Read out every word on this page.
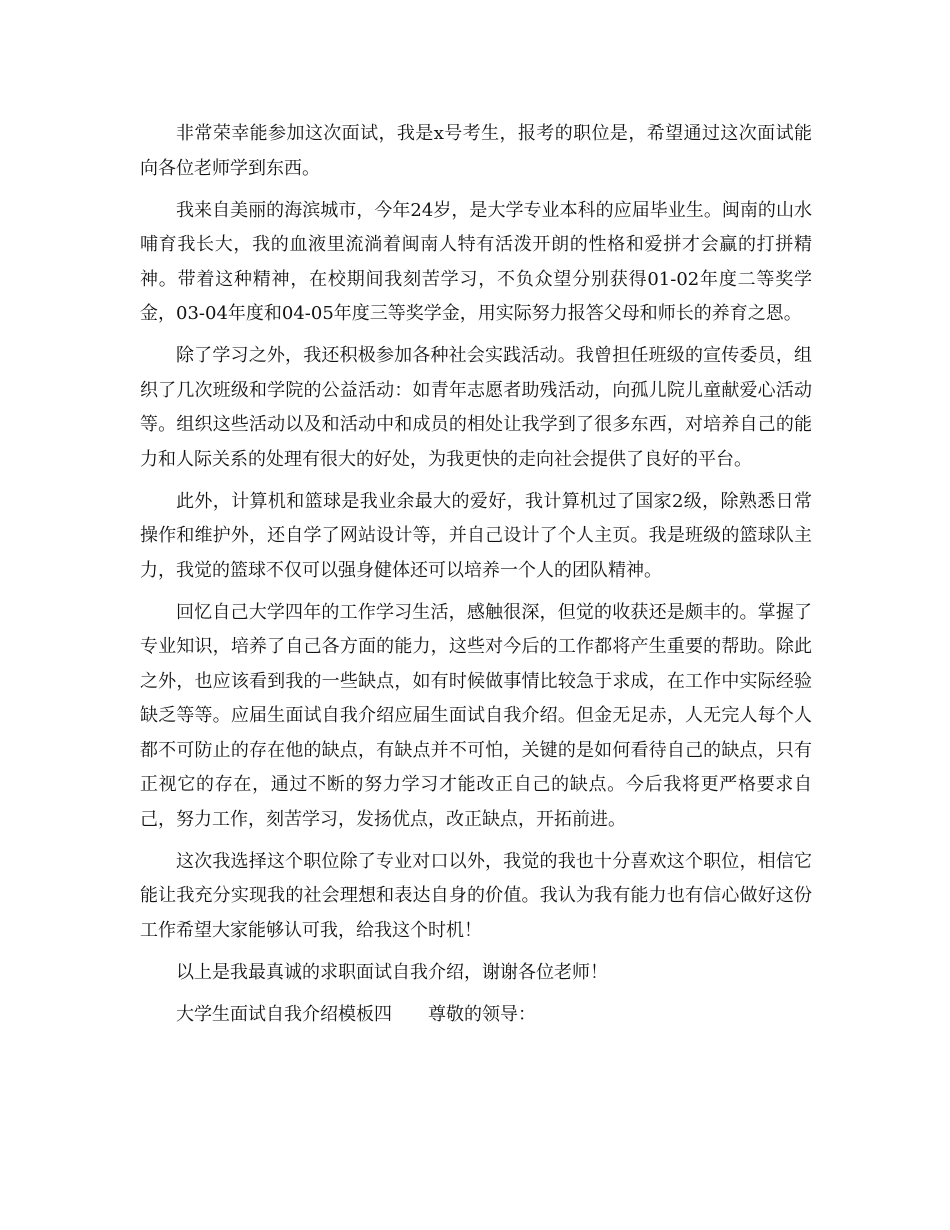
非常荣幸能参加这次面试，我是x号考生，报考的职位是，希望通过这次面试能向各位老师学到东西。

我来自美丽的海滨城市，今年24岁，是大学专业本科的应届毕业生。闽南的山水哺育我长大，我的血液里流淌着闽南人特有活泼开朗的性格和爱拼才会赢的打拼精神。带着这种精神，在校期间我刻苦学习，不负众望分别获得01-02年度二等奖学金，03-04年度和04-05年度三等奖学金，用实际努力报答父母和师长的养育之恩。

除了学习之外，我还积极参加各种社会实践活动。我曾担任班级的宣传委员，组织了几次班级和学院的公益活动：如青年志愿者助残活动，向孤儿院儿童献爱心活动等。组织这些活动以及和活动中和成员的相处让我学到了很多东西，对培养自己的能力和人际关系的处理有很大的好处，为我更快的走向社会提供了良好的平台。

此外，计算机和篮球是我业余最大的爱好，我计算机过了国家2级，除熟悉日常操作和维护外，还自学了网站设计等，并自己设计了个人主页。我是班级的篮球队主力，我觉的篮球不仅可以强身健体还可以培养一个人的团队精神。

回忆自己大学四年的工作学习生活，感触很深，但觉的收获还是颇丰的。掌握了专业知识，培养了自己各方面的能力，这些对今后的工作都将产生重要的帮助。除此之外，也应该看到我的一些缺点，如有时候做事情比较急于求成，在工作中实际经验缺乏等等。应届生面试自我介绍应届生面试自我介绍。但金无足赤，人无完人每个人都不可防止的存在他的缺点，有缺点并不可怕，关键的是如何看待自己的缺点，只有正视它的存在，通过不断的努力学习才能改正自己的缺点。今后我将更严格要求自己，努力工作，刻苦学习，发扬优点，改正缺点，开拓前进。

这次我选择这个职位除了专业对口以外，我觉的我也十分喜欢这个职位，相信它能让我充分实现我的社会理想和表达自身的价值。我认为我有能力也有信心做好这份工作希望大家能够认可我，给我这个时机！

以上是我最真诚的求职面试自我介绍，谢谢各位老师！

大学生面试自我介绍模板四 尊敬的领导：
